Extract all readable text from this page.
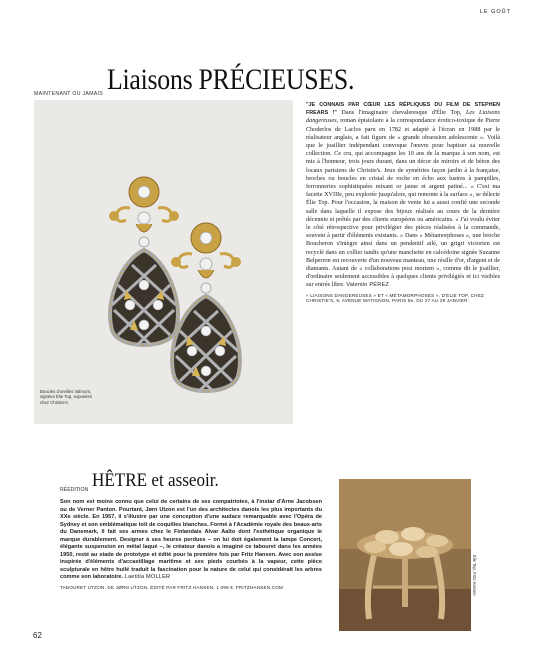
LE GOÛT
MAINTENANT OU JAMAIS Liaisons PRÉCIEUSES.
Boucles d'oreilles Valmont, signées Élie Top, exposées chez Christie's.
"JE CONNAIS PAR CŒUR LES RÉPLIQUES DU FILM DE STEPHEN FREARS !" Dans l'imaginaire chevaleresque d'Élie Top, Les Liaisons dangereuses, roman épistolaire à la correspondance érotico-toxique de Pierre Choderlos de Laclos paru en 1782 et adapté à l'écran en 1988 par le réalisateur anglais, a fait figure de « grande obsession adolescente ». Voilà que le joaillier indépendant convoque l'œuvre pour baptiser sa nouvelle collection. Ce cru, qui accompagne les 10 ans de la marque à son nom, est mis à l'honneur, trois jours durant, dans un décor de miroirs et de béton des locaux parisiens de Christie's. Jeux de symétries façon jardin à la française, broches ou boucles en cristal de roche en écho aux lustres à pampilles, ferronneries sophistiquées mixant or jaune et argent patiné... « C'est ma facette XVIIIe, peu explorée jusqu'alors, qui remonte à la surface », se délecte Élie Top. Pour l'occasion, la maison de vente lui a aussi confié une seconde salle dans laquelle il expose des bijoux réalisés au cours de la dernière décennie et prêtés par des clients européens ou américains. « J'ai voulu éviter le côté rétrospective pour privilégier des pièces réalisées à la commande, souvent à partir d'éléments existants. » Dans « Métamorphoses », une broche Boucheron s'intègre ainsi dans un pendentif ailé, un grigri victorien est recyclé dans un collier tandis qu'une manchette en calcédoine signée Suzanne Belperron est recouverte d'un nouveau manteau, une résille d'or, d'argent et de diamants. Autant de « collaborations post mortem », comme dit le joaillier, d'ordinaire seulement accessibles à quelques clients privilégiés et ici visibles sur entrée libre. Valentin PÉREZ
« LIAISONS DANGEREUSES » ET « MÉTAMORPHOSES », D'ÉLIE TOP, CHEZ CHRISTIE'S, 9, AVENUE MATIGNON, PARIS 8e, DU 27 AU 29 JANVIER.
RÉÉDITION HÊTRE et asseoir.
Son nom est moins connu que celui de certains de ses compatriotes, à l'instar d'Arne Jacobsen ou de Verner Panton. Pourtant, Jørn Utzon est l'un des architectes danois les plus importants du XXe siècle. En 1957, il s'illustre par une conception d'une audace remarquable avec l'Opéra de Sydney et son emblématique toit de coquilles blanches. Formé à l'Académie royale des beaux-arts du Danemark, il fait ses armes chez le Finlandais Alvar Aalto dont l'esthétique organique le marque durablement. Designer à ses heures perdues – on lui doit également la lampe Concert, élégante suspension en métal laqué –, le créateur danois a imaginé ce tabouret dans les années 1950, resté au stade de prototype et édité pour la première fois par Fritz Hansen. Avec son assise inspirée d'éléments d'accastillage maritime et ses pieds courbés à la vapeur, cette pièce sculpturale en hêtre huilé traduit la fascination pour la nature de celui qui considérait les arbres comme son laboratoire. Laetitia MOLLER
TABOURET UTZON, DE JØRN UTZON, ÉDITÉ PAR FRITZ HANSEN. 1 099 €. FRITZHANSEN.COM	Élie Top, Fritz Hansen
62
